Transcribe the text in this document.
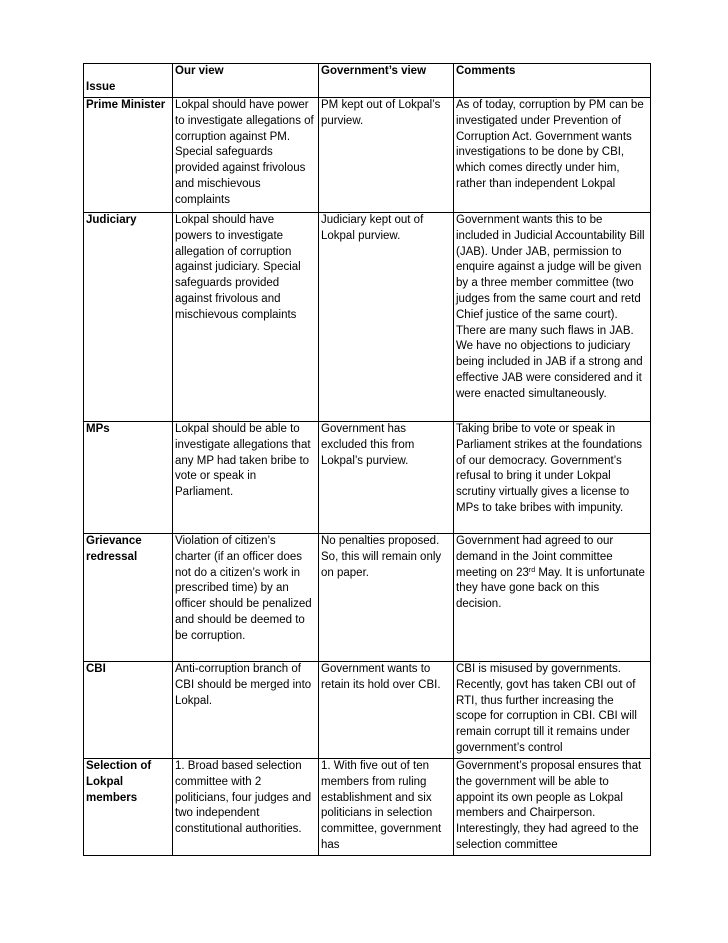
Issue	Our view	Government’s view	Comments
Prime Minister	Lokpal should have power to investigate allegations of corruption against PM. Special safeguards provided against frivolous and mischievous complaints	PM kept out of Lokpal’s purview.	As of today, corruption by PM can be investigated under Prevention of Corruption Act. Government wants investigations to be done by CBI, which comes directly under him, rather than independent Lokpal
Judiciary	Lokpal should have powers to investigate allegation of corruption against judiciary. Special safeguards provided against frivolous and mischievous complaints	Judiciary kept out of Lokpal purview.	Government wants this to be included in Judicial Accountability Bill (JAB). Under JAB, permission to enquire against a judge will be given by a three member committee (two judges from the same court and retd Chief justice of the same court). There are many such flaws in JAB. We have no objections to judiciary being included in JAB if a strong and effective JAB were considered and it were enacted simultaneously.
MPs	Lokpal should be able to investigate allegations that any MP had taken bribe to vote or speak in Parliament.	Government has excluded this from Lokpal’s purview.	Taking bribe to vote or speak in Parliament strikes at the foundations of our democracy. Government’s refusal to bring it under Lokpal scrutiny virtually gives a license to MPs to take bribes with impunity.
Grievance redressal	Violation of citizen’s charter (if an officer does not do a citizen’s work in prescribed time) by an officer should be penalized and should be deemed to be corruption.	No penalties proposed. So, this will remain only on paper.	Government had agreed to our demand in the Joint committee meeting on 23rd May. It is unfortunate they have gone back on this decision.
CBI	Anti-corruption branch of CBI should be merged into Lokpal.	Government wants to retain its hold over CBI.	CBI is misused by governments. Recently, govt has taken CBI out of RTI, thus further increasing the scope for corruption in CBI. CBI will remain corrupt till it remains under government’s control
Selection of Lokpal members	1. Broad based selection committee with 2 politicians, four judges and two independent constitutional authorities.	1. With five out of ten members from ruling establishment and six politicians in selection committee, government has	Government’s proposal ensures that the government will be able to appoint its own people as Lokpal members and Chairperson. Interestingly, they had agreed to the selection committee
